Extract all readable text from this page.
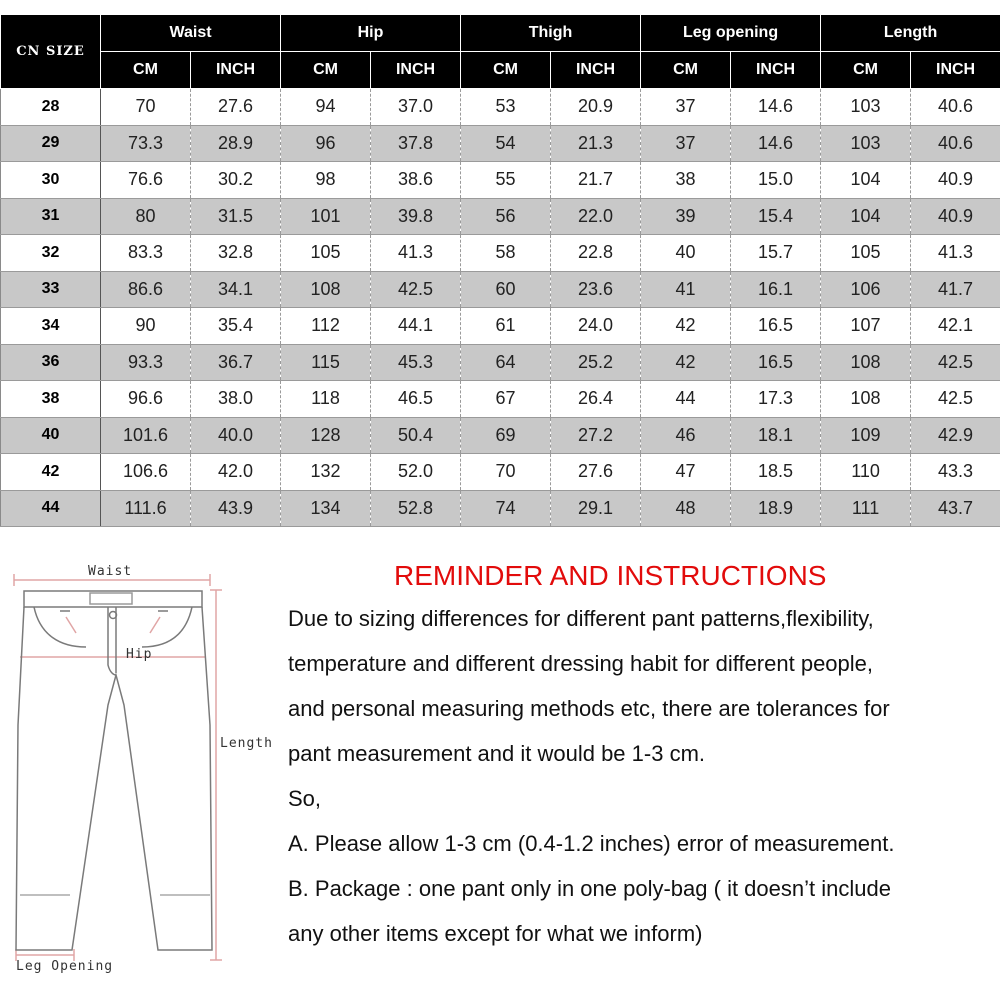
CN SIZE	Waist		Hip		Thigh		Leg opening		Length	
	CM	INCH	CM	INCH	CM	INCH	CM	INCH	CM	INCH
28	70	27.6	94	37.0	53	20.9	37	14.6	103	40.6
29	73.3	28.9	96	37.8	54	21.3	37	14.6	103	40.6
30	76.6	30.2	98	38.6	55	21.7	38	15.0	104	40.9
31	80	31.5	101	39.8	56	22.0	39	15.4	104	40.9
32	83.3	32.8	105	41.3	58	22.8	40	15.7	105	41.3
33	86.6	34.1	108	42.5	60	23.6	41	16.1	106	41.7
34	90	35.4	112	44.1	61	24.0	42	16.5	107	42.1
36	93.3	36.7	115	45.3	64	25.2	42	16.5	108	42.5
38	96.6	38.0	118	46.5	67	26.4	44	17.3	108	42.5
40	101.6	40.0	128	50.4	69	27.2	46	18.1	109	42.9
42	106.6	42.0	132	52.0	70	27.6	47	18.5	110	43.3
44	111.6	43.9	134	52.8	74	29.1	48	18.9	111	43.7
Waist
Hip
Length
Leg Opening
REMINDER AND INSTRUCTIONS

Due to sizing differences for different pant patterns,flexibility,

temperature and different dressing habit for different people,

and personal measuring methods etc, there are tolerances for

pant measurement and it would be 1-3 cm.

So,

A. Please allow 1-3 cm (0.4-1.2 inches) error of measurement.

B. Package : one pant only in one poly-bag ( it doesn’t include

any other items except for what we inform)
